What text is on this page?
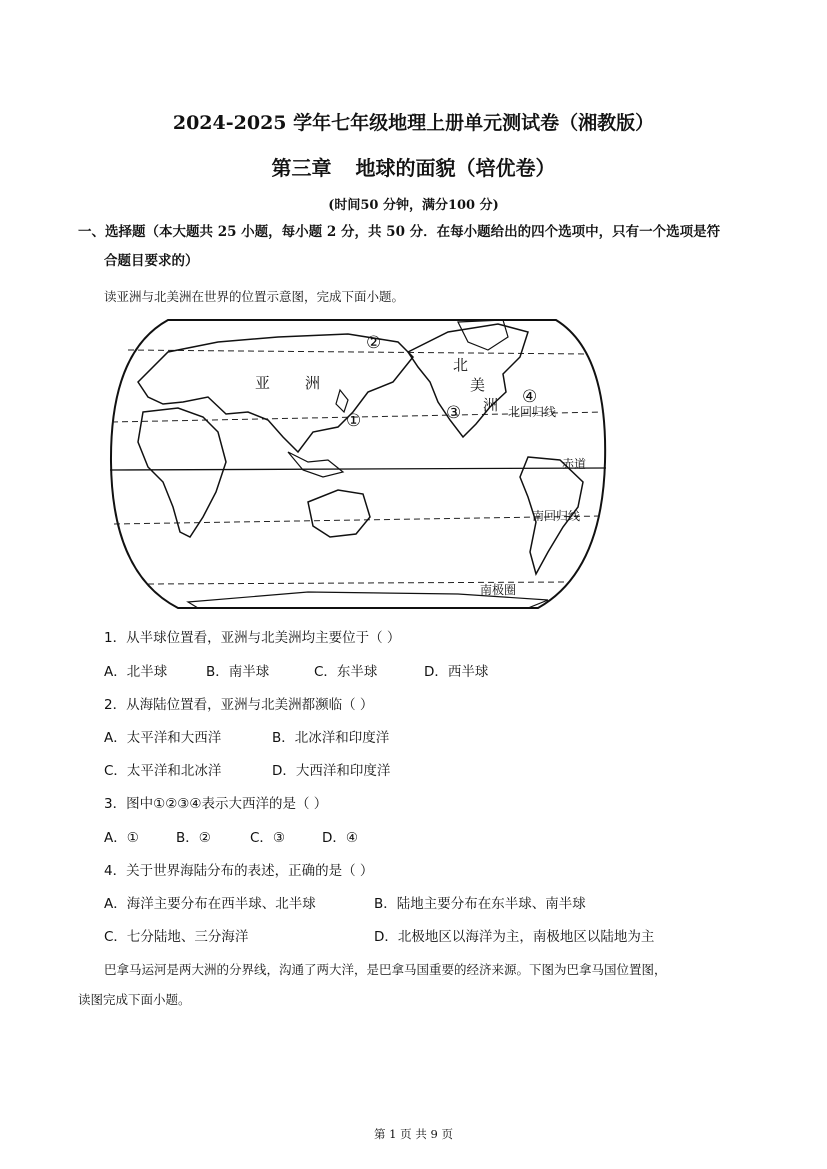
2024-2025 学年七年级地理上册单元测试卷（湘教版）
第三章 地球的面貌（培优卷）
(时间50 分钟，满分100 分)
一、选择题（本大题共 25 小题，每小题 2 分，共 50 分．在每小题给出的四个选项中，只有一个选项是符
合题目要求的）
读亚洲与北美洲在世界的位置示意图，完成下面小题。
亚 洲
北
美
洲
①
②
③
④
北回归线
赤道
南回归线
南极圈
1．从半球位置看，亚洲与北美洲均主要位于（ ）
A．北半球	B．南半球	C．东半球	D．西半球
2．从海陆位置看，亚洲与北美洲都濒临（ ）
A．太平洋和大西洋	B．北冰洋和印度洋
C．太平洋和北冰洋	D．大西洋和印度洋
3．图中①②③④表示大西洋的是（ ）
A．①	B．②	C．③	D．④
4．关于世界海陆分布的表述，正确的是（ ）
A．海洋主要分布在西半球、北半球	B．陆地主要分布在东半球、南半球
C．七分陆地、三分海洋	D．北极地区以海洋为主，南极地区以陆地为主
巴拿马运河是两大洲的分界线，沟通了两大洋，是巴拿马国重要的经济来源。下图为巴拿马国位置图，
读图完成下面小题。
第 1 页 共 9 页
